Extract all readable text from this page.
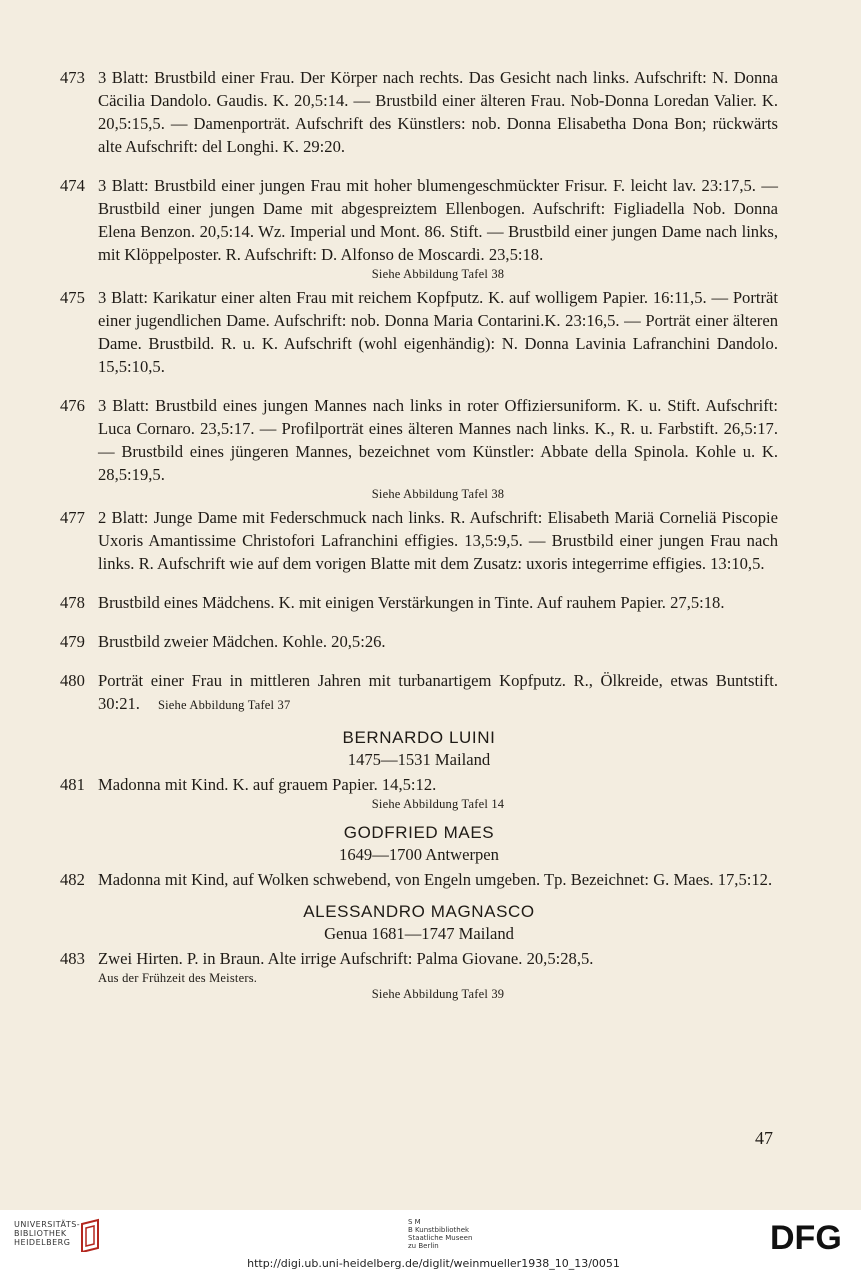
473 3 Blatt: Brustbild einer Frau. Der Körper nach rechts. Das Gesicht nach links. Aufschrift: N. Donna Cäcilia Dandolo. Gaudis. K. 20,5:14. — Brustbild einer älteren Frau. Nob-Donna Loredan Valier. K. 20,5:15,5. — Damenporträt. Aufschrift des Künstlers: nob. Donna Elisabetha Dona Bon; rückwärts alte Aufschrift: del Longhi. K. 29:20.
474 3 Blatt: Brustbild einer jungen Frau mit hoher blumengeschmückter Frisur. F. leicht lav. 23:17,5. — Brustbild einer jungen Dame mit abgespreiztem Ellenbogen. Aufschrift: Figliadella Nob. Donna Elena Benzon. 20,5:14. Wz. Imperial und Mont. 86. Stift. — Brustbild einer jungen Dame nach links, mit Klöppelposter. R. Aufschrift: D. Alfonso de Moscardi. 23,5:18.
Siehe Abbildung Tafel 38
475 3 Blatt: Karikatur einer alten Frau mit reichem Kopfputz. K. auf wolligem Papier. 16:11,5. — Porträt einer jugendlichen Dame. Aufschrift: nob. Donna Maria Contarini.K. 23:16,5. — Porträt einer älteren Dame. Brustbild. R. u. K. Aufschrift (wohl eigenhändig): N. Donna Lavinia Lafranchini Dandolo. 15,5:10,5.
476 3 Blatt: Brustbild eines jungen Mannes nach links in roter Offiziersuniform. K. u. Stift. Aufschrift: Luca Cornaro. 23,5:17. — Profilporträt eines älteren Mannes nach links. K., R. u. Farbstift. 26,5:17. — Brustbild eines jüngeren Mannes, bezeichnet vom Künstler: Abbate della Spinola. Kohle u. K. 28,5:19,5.
Siehe Abbildung Tafel 38
477 2 Blatt: Junge Dame mit Federschmuck nach links. R. Aufschrift: Elisabeth Mariä Corneliä Piscopie Uxoris Amantissime Christofori Lafranchini effigies. 13,5:9,5. — Brustbild einer jungen Frau nach links. R. Aufschrift wie auf dem vorigen Blatte mit dem Zusatz: uxoris integerrime effigies. 13:10,5.
478 Brustbild eines Mädchens. K. mit einigen Verstärkungen in Tinte. Auf rauhem Papier. 27,5:18.
479 Brustbild zweier Mädchen. Kohle. 20,5:26.
480 Porträt einer Frau in mittleren Jahren mit turbanartigem Kopfputz. R., Ölkreide, etwas Buntstift. 30:21. Siehe Abbildung Tafel 37
BERNARDO LUINI
1475—1531 Mailand
481 Madonna mit Kind. K. auf grauem Papier. 14,5:12.
Siehe Abbildung Tafel 14
GODFRIED MAES
1649—1700 Antwerpen
482 Madonna mit Kind, auf Wolken schwebend, von Engeln umgeben. Tp. Bezeichnet: G. Maes. 17,5:12.
ALESSANDRO MAGNASCO
Genua 1681—1747 Mailand
483 Zwei Hirten. P. in Braun. Alte irrige Aufschrift: Palma Giovane. 20,5:28,5.
Aus der Frühzeit des Meisters.
Siehe Abbildung Tafel 39
47
UNIVERSITÄTS-
BIBLIOTHEK
HEIDELBERG
S M
B Kunstbibliothek
Staatliche Museen
zu Berlin	DFG
http://digi.ub.uni-heidelberg.de/diglit/weinmueller1938_10_13/0051
